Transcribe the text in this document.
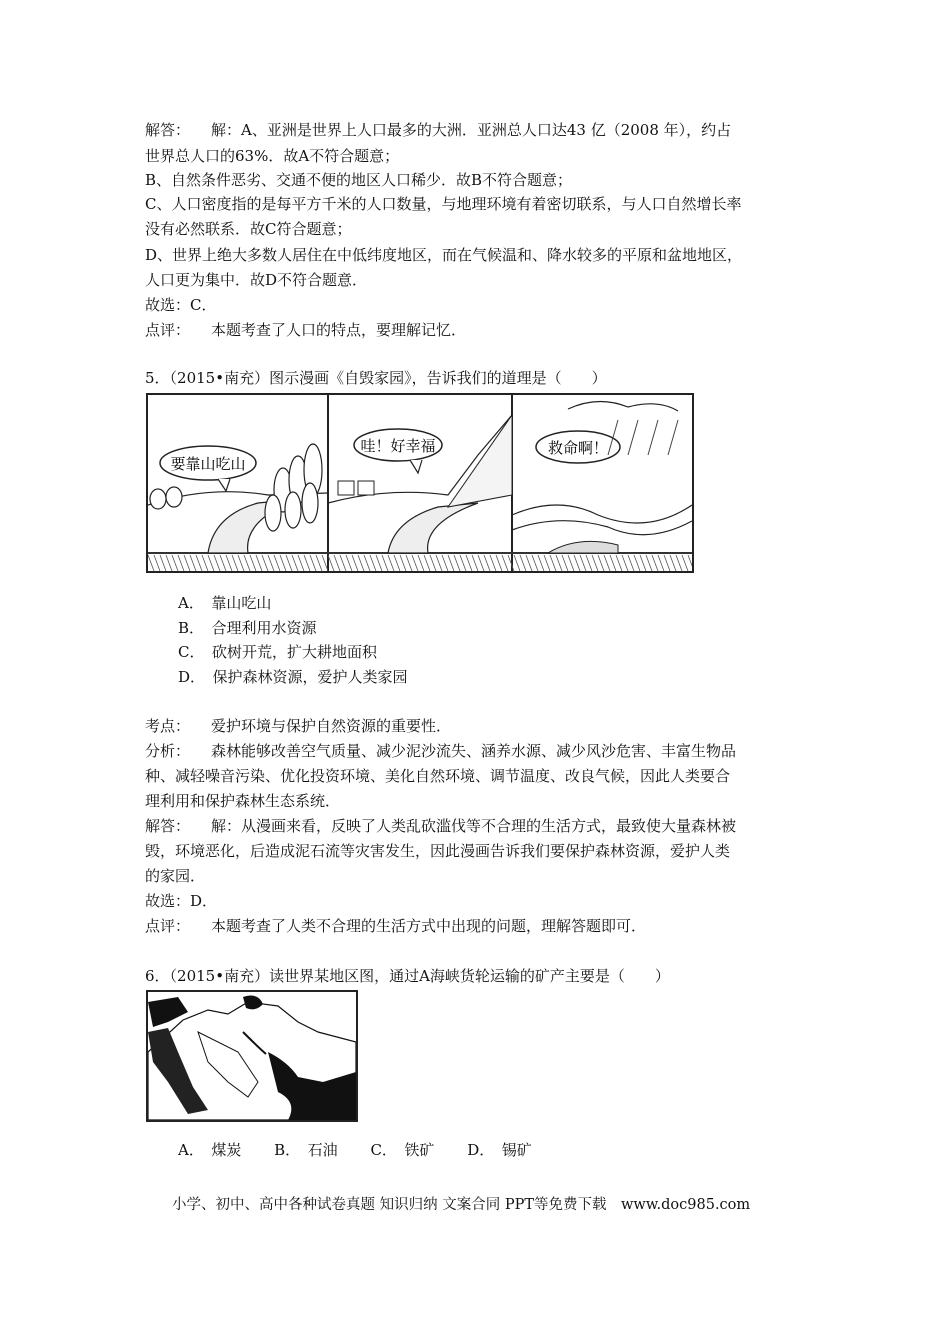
解答： 解：A、亚洲是世界上人口最多的大洲．亚洲总人口达43 亿（2008 年），约占
世界总人口的63%．故A不符合题意；
B、自然条件恶劣、交通不便的地区人口稀少．故B不符合题意；
C、人口密度指的是每平方千米的人口数量，与地理环境有着密切联系，与人口自然增长率
没有必然联系．故C符合题意；
D、世界上绝大多数人居住在中低纬度地区，而在气候温和、降水较多的平原和盆地地区，
人口更为集中．故D不符合题意．
故选：C．
点评： 本题考查了人口的特点，要理解记忆．
5．（2015•南充）图示漫画《自毁家园》，告诉我们的道理是（　　）
要靠山吃山
哇！好幸福	救命啊！
A．　靠山吃山
B．　合理利用水资源
C．　砍树开荒，扩大耕地面积
D．　保护森林资源，爱护人类家园
考点： 爱护环境与保护自然资源的重要性．
分析： 森林能够改善空气质量、减少泥沙流失、涵养水源、减少风沙危害、丰富生物品
种、减轻噪音污染、优化投资环境、美化自然环境、调节温度、改良气候，因此人类要合
理利用和保护森林生态系统．
解答： 解：从漫画来看，反映了人类乱砍滥伐等不合理的生活方式，最致使大量森林被
毁，环境恶化，后造成泥石流等灾害发生，因此漫画告诉我们要保护森林资源，爱护人类
的家园．
故选：D．
点评： 本题考查了人类不合理的生活方式中出现的问题，理解答题即可．
6．（2015•南充）读世界某地区图，通过A海峡货轮运输的矿产主要是（　　）
A．　煤炭 B．　石油 C．　铁矿 D．　锡矿
小学、初中、高中各种试卷真题 知识归纳 文案合同 PPT等免费下载　www.doc985.com
